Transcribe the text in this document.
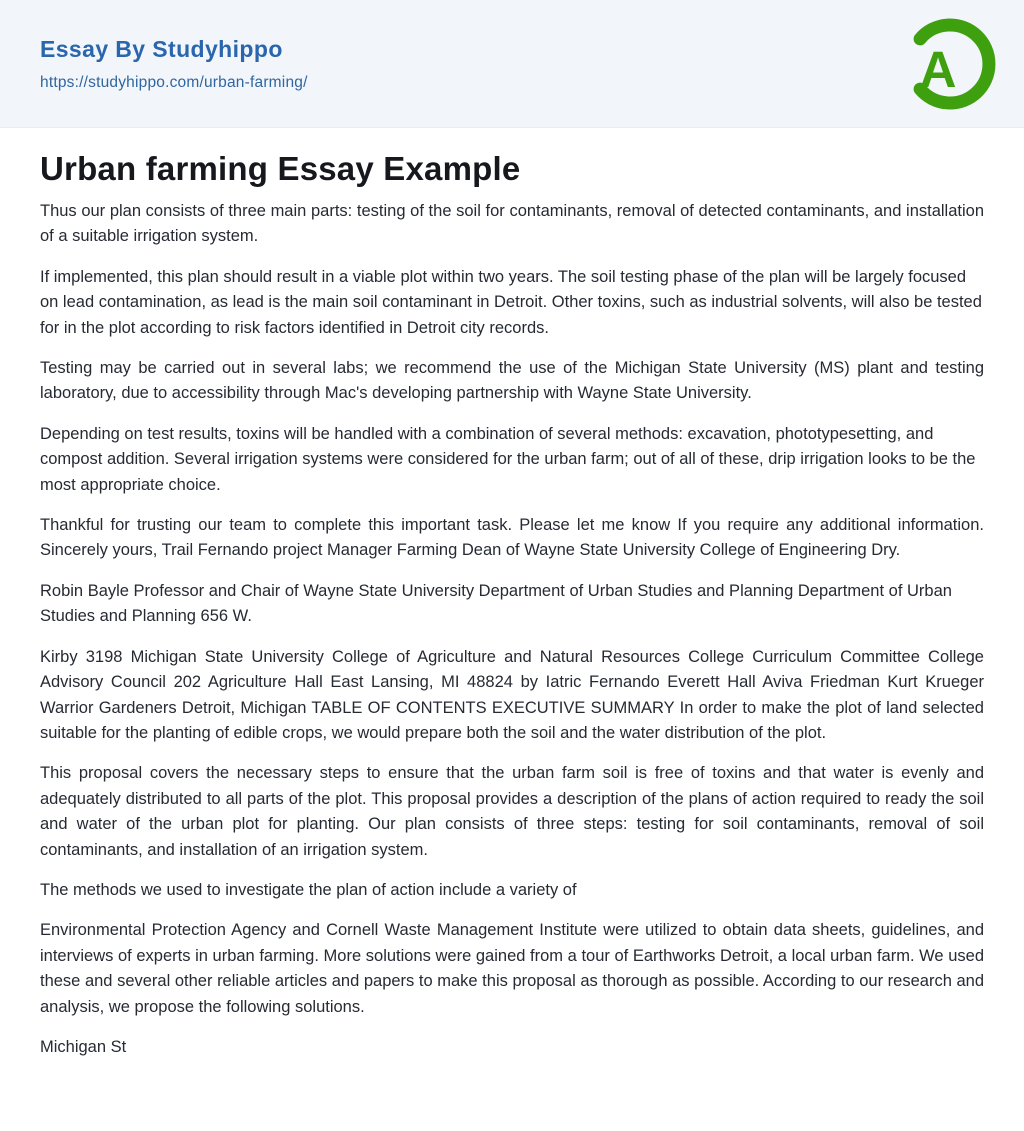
Essay By Studyhippo
https://studyhippo.com/urban-farming/	A
Urban farming Essay Example

Thus our plan consists of three main parts: testing of the soil for contaminants, removal of detected contaminants, and installation of a suitable irrigation system.

If implemented, this plan should result in a viable plot within two years. The soil testing phase of the plan will be largely focused on lead contamination, as lead is the main soil contaminant in Detroit. Other toxins, such as industrial solvents, will also be tested for in the plot according to risk factors identified in Detroit city records.

Testing may be carried out in several labs; we recommend the use of the Michigan State University (MS) plant and testing laboratory, due to accessibility through Mac's developing partnership with Wayne State University.

Depending on test results, toxins will be handled with a combination of several methods: excavation, phototypesetting, and compost addition. Several irrigation systems were considered for the urban farm; out of all of these, drip irrigation looks to be the most appropriate choice.

Thankful for trusting our team to complete this important task. Please let me know If you require any additional information. Sincerely yours, Trail Fernando project Manager Farming Dean of Wayne State University College of Engineering Dry.

Robin Bayle Professor and Chair of Wayne State University Department of Urban Studies and Planning Department of Urban Studies and Planning 656 W.

Kirby 3198 Michigan State University College of Agriculture and Natural Resources College Curriculum Committee College Advisory Council 202 Agriculture Hall East Lansing, MI 48824 by Iatric Fernando Everett Hall Aviva Friedman Kurt Krueger Warrior Gardeners Detroit, Michigan TABLE OF CONTENTS EXECUTIVE SUMMARY In order to make the plot of land selected suitable for the planting of edible crops, we would prepare both the soil and the water distribution of the plot.

This proposal covers the necessary steps to ensure that the urban farm soil is free of toxins and that water is evenly and adequately distributed to all parts of the plot. This proposal provides a description of the plans of action required to ready the soil and water of the urban plot for planting. Our plan consists of three steps: testing for soil contaminants, removal of soil contaminants, and installation of an irrigation system.

The methods we used to investigate the plan of action include a variety of

Environmental Protection Agency and Cornell Waste Management Institute were utilized to obtain data sheets, guidelines, and interviews of experts in urban farming. More solutions were gained from a tour of Earthworks Detroit, a local urban farm. We used these and several other reliable articles and papers to make this proposal as thorough as possible. According to our research and analysis, we propose the following solutions.

Michigan St
